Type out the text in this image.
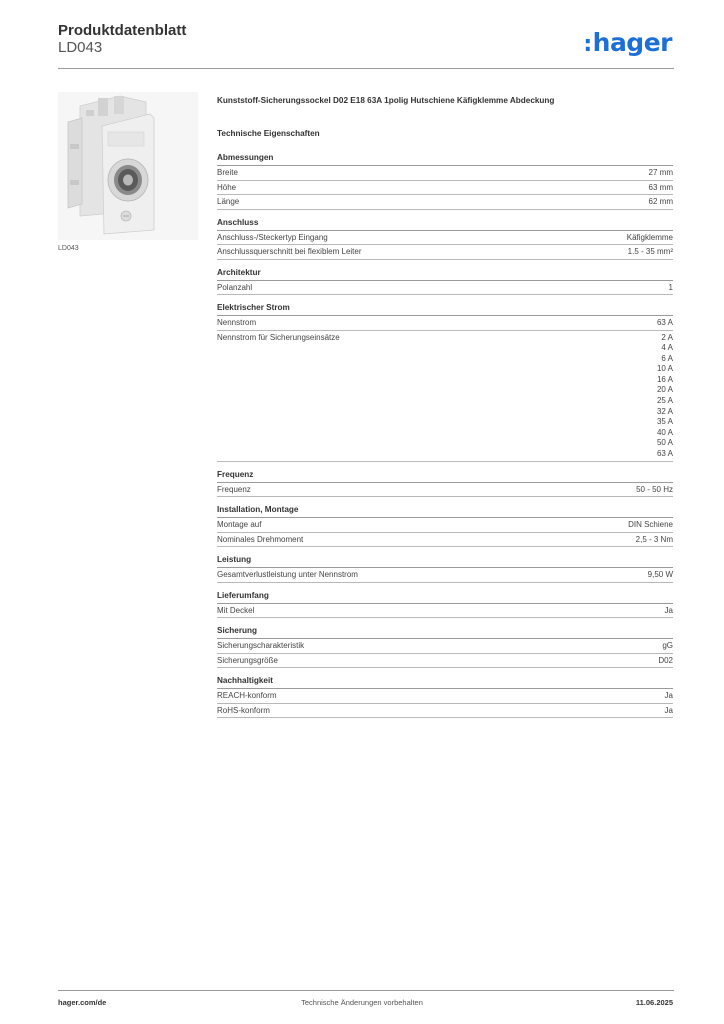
Produktdatenblatt
LD043	:hager
LD043
Kunststoff-Sicherungssockel D02 E18 63A 1polig Hutschiene Käfigklemme Abdeckung
Technische Eigenschaften
Abmessungen
Breite	27 mm
Höhe	63 mm
Länge	62 mm
Anschluss
Anschluss-/Steckertyp Eingang	Käfigklemme
Anschlussquerschnitt bei flexiblem Leiter	1.5 - 35 mm²
Architektur
Polanzahl	1
Elektrischer Strom
Nennstrom	63 A
Nennstrom für Sicherungseinsätze	2 A
4 A
6 A
10 A
16 A
20 A
25 A
32 A
35 A
40 A
50 A
63 A
Frequenz
Frequenz	50 - 50 Hz
Installation, Montage
Montage auf	DIN Schiene
Nominales Drehmoment	2,5 - 3 Nm
Leistung
Gesamtverlustleistung unter Nennstrom	9,50 W
Lieferumfang
Mit Deckel	Ja
Sicherung
Sicherungscharakteristik	gG
Sicherungsgröße	D02
Nachhaltigkeit
REACH-konform	Ja
RoHS-konform	Ja
hager.com/de	Technische Änderungen vorbehalten	11.06.2025
